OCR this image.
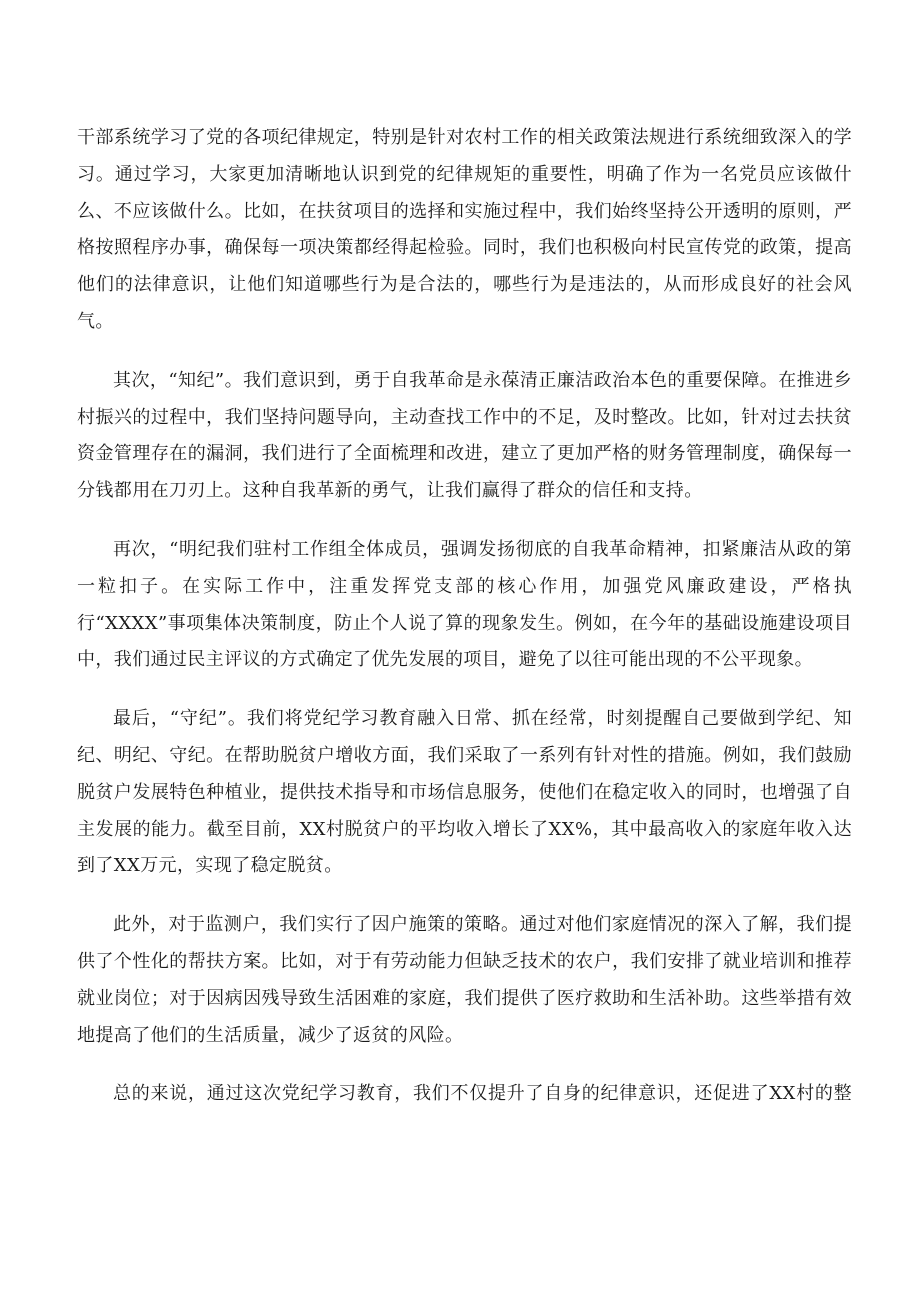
干部系统学习了党的各项纪律规定，特别是针对农村工作的相关政策法规进行系统细致深入的学习。通过学习，大家更加清晰地认识到党的纪律规矩的重要性，明确了作为一名党员应该做什么、不应该做什么。比如，在扶贫项目的选择和实施过程中，我们始终坚持公开透明的原则，严格按照程序办事，确保每一项决策都经得起检验。同时，我们也积极向村民宣传党的政策，提高他们的法律意识，让他们知道哪些行为是合法的，哪些行为是违法的，从而形成良好的社会风气。

其次，“知纪”。我们意识到，勇于自我革命是永葆清正廉洁政治本色的重要保障。在推进乡村振兴的过程中，我们坚持问题导向，主动查找工作中的不足，及时整改。比如，针对过去扶贫资金管理存在的漏洞，我们进行了全面梳理和改进，建立了更加严格的财务管理制度，确保每一分钱都用在刀刃上。这种自我革新的勇气，让我们赢得了群众的信任和支持。

再次，“明纪我们驻村工作组全体成员，强调发扬彻底的自我革命精神，扣紧廉洁从政的第一粒扣子。在实际工作中，注重发挥党支部的核心作用，加强党风廉政建设，严格执行“XXXX”事项集体决策制度，防止个人说了算的现象发生。例如，在今年的基础设施建设项目中，我们通过民主评议的方式确定了优先发展的项目，避免了以往可能出现的不公平现象。

最后，“守纪”。我们将党纪学习教育融入日常、抓在经常，时刻提醒自己要做到学纪、知纪、明纪、守纪。在帮助脱贫户增收方面，我们采取了一系列有针对性的措施。例如，我们鼓励脱贫户发展特色种植业，提供技术指导和市场信息服务，使他们在稳定收入的同时，也增强了自主发展的能力。截至目前，XX村脱贫户的平均收入增长了XX%，其中最高收入的家庭年收入达到了XX万元，实现了稳定脱贫。

此外，对于监测户，我们实行了因户施策的策略。通过对他们家庭情况的深入了解，我们提供了个性化的帮扶方案。比如，对于有劳动能力但缺乏技术的农户，我们安排了就业培训和推荐就业岗位；对于因病因残导致生活困难的家庭，我们提供了医疗救助和生活补助。这些举措有效地提高了他们的生活质量，减少了返贫的风险。

总的来说，通过这次党纪学习教育，我们不仅提升了自身的纪律意识，还促进了XX村的整
